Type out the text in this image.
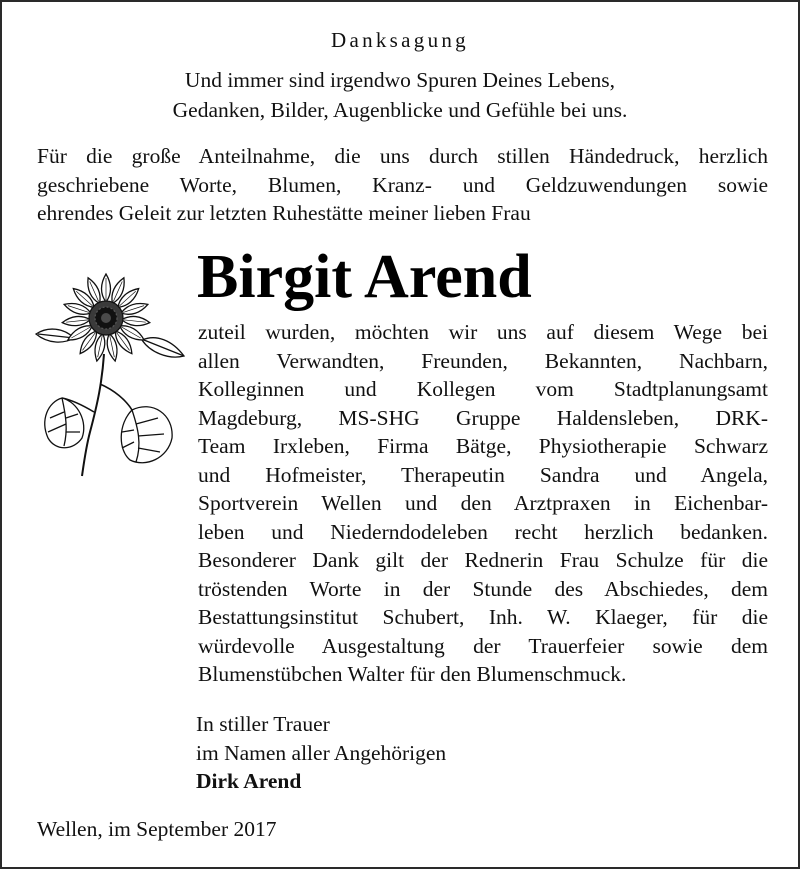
Danksagung
Und immer sind irgendwo Spuren Deines Lebens,
Gedanken, Bilder, Augenblicke und Gefühle bei uns.
Für die große Anteilnahme, die uns durch stillen Händedruck, herzlich
geschriebene Worte, Blumen, Kranz- und Geldzuwendungen sowie
ehrendes Geleit zur letzten Ruhestätte meiner lieben Frau
Birgit Arend
zuteil wurden, möchten wir uns auf diesem Wege bei
allen Verwandten, Freunden, Bekannten, Nachbarn,
Kolleginnen und Kollegen vom Stadtplanungsamt
Magdeburg, MS-SHG Gruppe Haldensleben, DRK-
Team Irxleben, Firma Bätge, Physiotherapie Schwarz
und Hofmeister, Therapeutin Sandra und Angela,
Sportverein Wellen und den Arztpraxen in Eichenbar-
leben und Niederndodeleben recht herzlich bedanken.
Besonderer Dank gilt der Rednerin Frau Schulze für die
tröstenden Worte in der Stunde des Abschiedes, dem
Bestattungsinstitut Schubert, Inh. W. Klaeger, für die
würdevolle Ausgestaltung der Trauerfeier sowie dem
Blumenstübchen Walter für den Blumenschmuck.
In stiller Trauer
im Namen aller Angehörigen
Dirk Arend
Wellen, im September 2017
